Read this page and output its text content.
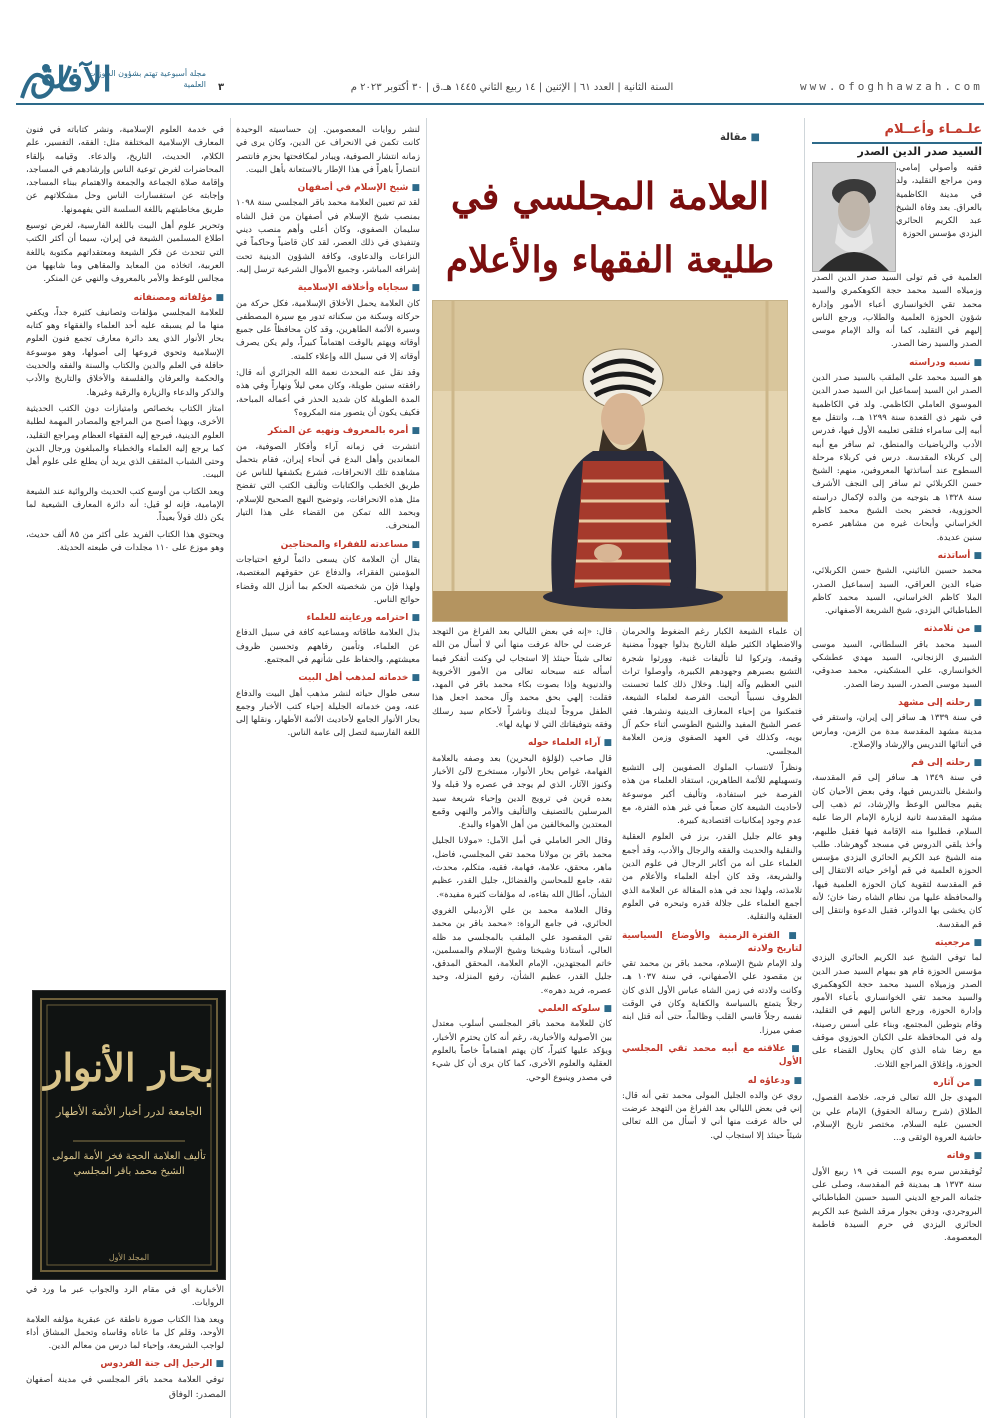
الآفاق
مجلة أسبوعية تهتم بشؤون الحوزات العلمية ٣	السنة الثانية | العدد ٦١ | الإثنين | ١٤ ربيع الثاني ١٤٤٥ هـ.ق | ٣٠ أكتوبر ٢٠٢٣ م	www.ofoghhawzah.com
علـمـاء وأعــلام
السيد صدر الدين الصدر

فقيه وأصولي إمامي، ومن مراجع التقليد، ولد في مدينة الكاظمية بالعراق. بعد وفاة الشيخ عبد الكريم الحائري اليزدي مؤسس الحوزة

العلمية في قم تولى السيد صدر الدين الصدر وزميلاه السيد محمد حجة الكوهكمري والسيد محمد تقي الخوانساري أعباء الأمور وإدارة شؤون الحوزة العلمية والطلاب، ورجع الناس إليهم في التقليد، كما أنه والد الإمام موسى الصدر والسيد رضا الصدر.

■ نسبه ودراسته

هو السيد محمد علي الملقب بالسيد صدر الدين الصدر ابن السيد إسماعيل ابن السيد صدر الدين الموسوي العاملي الكاظمي. ولد في الكاظمية في شهر ذي القعدة سنة ١٢٩٩ هـ.، وانتقل مع أبيه إلى سامراء فتلقى تعليمه الأول فيها، فدرس الأدب والرياضيات والمنطق، ثم سافر مع أبيه إلى كربلاء المقدسة. درس في كربلاء مرحلة السطوح عند أساتذتها المعروفين، منهم: الشيخ حسن الكربلائي ثم سافر إلى النجف الأشرف سنة ١٣٢٨ هـ بتوجيه من والده لإكمال دراسته الحوزوية، فحضر بحث الشيخ محمد كاظم الخراساني وأبحاث غيره من مشاهير عصره سنين عديدة.

■ أساتذته

محمد حسين النائيني، الشيخ حسن الكربلائي، ضياء الدين العراقي، السيد إسماعيل الصدر، الملا كاظم الخراساني، السيد محمد كاظم الطباطبائي اليزدي، شيخ الشريعة الأصفهاني.

■ من تلامذته

السيد محمد باقر السلطاني، السيد موسى الشبيري الزنجاني، السيد مهدي عطشكي الخوانساري، علي المشكيني، محمد صدوقي، السيد موسى الصدر، السيد رضا الصدر.

■ رحلته إلى مشهد

في سنة ١٣٣٩ هـ سافر إلى إيران، واستقر في مدينة مشهد المقدسة مدة من الزمن، ومارس في أثنائها التدريس والإرشاد والإصلاح.

■ رحلته إلى قم

في سنة ١٣٤٩ هـ سافر إلى قم المقدسة، وانشغل بالتدريس فيها، وفي بعض الأحيان كان يقيم مجالس الوعظ والإرشاد، ثم ذهب إلى مشهد المقدسة ثانية لزيارة الإمام الرضا عليه السلام، فطلبوا منه الإقامة فيها فقبل طلبهم، وأخذ يلقي الدروس في مسجد گوهرشاد. طلب منه الشيخ عبد الكريم الحائري اليزدي مؤسس الحوزة العلمية في قم أواخر حياته الانتقال إلى قم المقدسة لتقوية كيان الحوزة العلمية فيها، والمحافظة عليها من نظام الشاه رضا خان؛ لأنه كان يخشى بها الدوائر، فقبل الدعوة وانتقل إلى قم المقدسة.

■ مرجعيته

لما توفي الشيخ عبد الكريم الحائري اليزدي مؤسس الحوزة قام هو بمهام السيد صدر الدين الصدر وزميلاه السيد محمد حجة الكوهكمري والسيد محمد تقي الخوانساري بأعباء الأمور وإدارة الحوزة، ورجع الناس إليهم في التقليد، وقام بتوطين المجتمع، وبناء على أسس رصينة، وله في المحافظة على الكيان الحوزوي موقف مع رضا شاه الذي كان يحاول القضاء على الحوزة، وإغلاق المراجع الثلاث.

■ من آثاره

المهدي جل الله تعالى فرجه، خلاصة الفصول، الطلاق (شرح رسالة الحقوق) الإمام علي بن الحسين عليه السلام، مختصر تاريخ الإسلام، حاشية العروة الوثقى و...

■ وفاته

تُوفيقدس سره يوم السبت في ١٩ ربيع الأول سنة ١٣٧٣ هـ بمدينة قم المقدسة، وصلى على جثمانه المرجع الديني السيد حسين الطباطبائي البروجردي، ودفن بجوار مرقد الشيخ عبد الكريم الحائري اليزدي في حرم السيدة فاطمة المعصومة.

■ مقالة
العلامة المجلسي في
طليعة الفقهاء والأعلام

إن علماء الشيعة الكبار رغم الضغوط والحرمان والاضطهاد الكثير طيلة التاريخ بذلوا جهوداً مضنية وقيمة، وتركوا لنا تأليفات غنية، وورثوا شجرة التشيع بصبرهم وجهودهم الكبيرة، وأوصلوا تراث النبي العظيم وآله إلينا. وخلال ذلك كلما تحسنت الظروف نسبياً أتيحت الفرصة لعلماء الشيعة، فتمكنوا من إحياء المعارف الدينية ونشرها. ففي عصر الشيخ المفيد والشيخ الطوسي أثناء حكم آل بويه، وكذلك في العهد الصفوي وزمن العلامة المجلسي.

ونظراً لانتساب الملوك الصفويين إلى التشيع وتسهيلهم للأئمة الطاهرين، استفاد العلماء من هذه الفرصة خير استفادة، وتأليف أكبر موسوعة لأحاديث الشيعة كان صعباً في غير هذه الفترة، مع عدم وجود إمكانيات اقتصادية كبيرة.

وهو عالم جليل القدر، برز في العلوم العقلية والنقلية والحديث والفقه والرجال والأدب، وقد أجمع العلماء على أنه من أكابر الرجال في علوم الدين والشريعة، وقد كان أجلة العلماء والأعلام من تلامذته، ولهذا نجد في هذه المقالة عن العلامة الذي أجمع العلماء على جلالة قدره وتبحره في العلوم العقلية والنقلية.

■ الفترة الزمنية والأوضاع السياسية لتاريخ ولادته

ولد الإمام شيخ الإسلام، محمد باقر بن محمد تقي بن مقصود علي الأصفهاني، في سنة ١٠٣٧ هـ، وكانت ولادته في زمن الشاه عباس الأول الذي كان رجلاً يتمتع بالسياسة والكفاية وكان في الوقت نفسه رجلاً قاسي القلب وظالماً، حتى أنه قتل ابنه صفي ميرزا.

■ علاقته مع أبيه محمد تقي المجلسي الأول
■ ودعاؤه له

روي عن والده الجليل المولى محمد تقي أنه قال: إني في بعض الليالي بعد الفراغ من التهجد عرضت لي حالة عرفت منها أني لا أسأل من الله تعالى شيئاً حينئذ إلا استجاب لي.

قال: «إنه في بعض الليالي بعد الفراغ من التهجد عرضت لي حالة عرفت منها أني لا أسأل من الله تعالى شيئاً حينئذ إلا استجاب لي وكنت أتفكر فيما أسأله عنه سبحانه تعالى من الأمور الأخروية والدنيوية وإذا بصوت بكاء محمد باقر في المهد، فقلت: إلهي بحق محمد وآل محمد اجعل هذا الطفل مروجاً لدينك وناشراً لأحكام سيد رسلك وفقه بتوفيقاتك التي لا نهاية لها».

■ آراء العلماء حوله

قال صاحب (لؤلؤة البحرين) بعد وصفه بالعلامة الفهامة، غواص بحار الأنوار، مستخرج لآلئ الأخبار وكنوز الآثار، الذي لم يوجد في عصره ولا قبله ولا بعده قرين في ترويج الدين وإحياء شريعة سيد المرسلين بالتصنيف والتأليف والأمر والنهي وقمع المعتدين والمخالفين من أهل الأهواء والبدع.

وقال الحر العاملي في أمل الآمل: «مولانا الجليل محمد باقر بن مولانا محمد تقي المجلسي، فاضل، ماهر، محقق، علامة، فهامة، فقيه، متكلم، محدث، ثقة، جامع للمحاسن والفضائل، جليل القدر، عظيم الشأن، أطال الله بقاءه، له مؤلفات كثيرة مفيدة».

وقال العلامة محمد بن علي الأردبيلي الغروي الحائري، في جامع الرواة: «محمد باقر بن محمد تقي المقصود علي الملقب بالمجلسي مد ظله العالي، أستاذنا وشيخنا وشيخ الإسلام والمسلمين، خاتم المجتهدين، الإمام العلامة، المحقق المدقق، جليل القدر، عظيم الشأن، رفيع المنزلة، وحيد عصره، فريد دهره».

■ سلوكه العلمي

كان للعلامة محمد باقر المجلسي أسلوب معتدل بين الأصولية والأخبارية، رغم أنه كان يحترم الأخبار، ويؤكد عليها كثيراً، كان يهتم اهتماماً خاصاً بالعلوم العقلية والعلوم الأخرى، كما كان يرى أن كل شيء في مصدر وينبوع الوحي.

لنشر روايات المعصومين. إن حساسيته الوحيدة كانت تكمن في الانحراف عن الدين، وكان يرى في زمانه انتشار الصوفية، ويبادر لمكافحتها بحزم فانتصر انتصاراً باهراً في هذا الإطار بالاستعانة بأهل البيت.

■ شيخ الإسلام في أصفهان

لقد تم تعيين العلامة محمد باقر المجلسي سنة ١٠٩٨ بمنصب شيخ الإسلام في أصفهان من قبل الشاه سليمان الصفوي، وكان أعلى وأهم منصب ديني وتنفيذي في ذلك العصر، لقد كان قاضياً وحاكماً في النزاعات والدعاوى، وكافة الشؤون الدينية تحت إشرافه المباشر، وجميع الأموال الشرعية ترسل إليه.

■ سجاياه وأخلاقه الإسلامية

كان العلامة يحمل الأخلاق الإسلامية، فكل حركة من حركاته وسكنة من سكناته تدور مع سيرة المصطفى وسيرة الأئمة الطاهرين، وقد كان محافظاً على جميع أوقاته ويهتم بالوقت اهتماماً كبيراً، ولم يكن يصرف أوقاته إلا في سبيل الله وإعلاء كلمته.

وقد نقل عنه المحدث نعمة الله الجزائري أنه قال: رافقته سنين طويلة، وكان معي ليلاً ونهاراً وفي هذه المدة الطويلة كان شديد الحذر في أعماله المباحة، فكيف يكون أن يتصور منه المكروه؟

■ أمره بالمعروف ونهيه عن المنكر

انتشرت في زمانه آراء وأفكار الصوفية، من المعاندين وأهل البدع في أنحاء إيران، فقام بتحمل مشاهدة تلك الانحرافات، فشرع بكشفها للناس عن طريق الخطب والكتابات وتأليف الكتب التي تفضح مثل هذه الانحرافات، وتوضيح النهج الصحيح للإسلام، وبحمد الله تمكن من القضاء على هذا التيار المنحرف.

■ مساعدته للفقراء والمحتاجين

يقال أن العلامة كان يسعى دائماً لرفع احتياجات المؤمنين الفقراء، والدفاع عن حقوقهم المغتصبة، ولهذا فإن من شخصيته الحكم بما أنزل الله وقضاء حوائج الناس.

■ احترامه ورعايته للعلماء

بذل العلامة طاقاته ومساعيه كافة في سبيل الدفاع عن العلماء، وتأمين رفاههم وتحسين ظروف معيشتهم، والحفاظ على شأنهم في المجتمع.

■ خدماته لمذهب أهل البيت

سعى طوال حياته لنشر مذهب أهل البيت والدفاع عنه، ومن خدماته الجليلة إحياء كتب الأخبار وجمع بحار الأنوار الجامع لأحاديث الأئمة الأطهار، ونقلها إلى اللغة الفارسية لتصل إلى عامة الناس.

في خدمة العلوم الإسلامية، ونشر كتاباته في فنون المعارف الإسلامية المختلفة مثل: الفقه، التفسير، علم الكلام، الحديث، التاريخ، والدعاء. وقيامه بإلقاء المحاضرات لغرض توعية الناس وإرشادهم في المساجد، وإقامة صلاة الجماعة والجمعة والاهتمام ببناء المساجد، وإجابته عن استفسارات الناس وحل مشكلاتهم عن طريق مخاطبتهم باللغة السلسة التي يفهمونها.

وتحرير علوم أهل البيت باللغة الفارسية، لغرض توسيع اطلاع المسلمين الشيعة في إيران، سيما أن أكثر الكتب التي تتحدث عن فكر الشيعة ومعتقداتهم مكتوبة باللغة العربية، اتخاذه من المعابد والمقاهي وما شابهها من مجالس للوعظ والأمر بالمعروف والنهي عن المنكر.

■ مؤلفاته ومصنفاته

للعلامة المجلسي مؤلفات وتصانيف كثيرة جداً، ويكفي منها ما لم يسبقه عليه أحد العلماء والفقهاء وهو كتابه بحار الأنوار الذي يعد دائرة معارف تجمع فنون العلوم الإسلامية وتحوي فروعها إلى أصولها، وهو موسوعة حافلة في العلم والدين والكتاب والسنة والفقه والحديث والحكمة والعرفان والفلسفة والأخلاق والتاريخ والأدب والذكر والدعاء والزيارة والرقية وغيرها.

امتاز الكتاب بخصائص وامتيازات دون الكتب الحديثية الأخرى، وبهذا أصبح من المراجع والمصادر المهمة لطلبة العلوم الدينية، فيرجع إليه الفقهاء العظام ومراجع التقليد، كما يرجع إليه العلماء والخطباء والمبلغون ورجال الدين وحتى الشباب المثقف الذي يريد أن يطلع على علوم أهل البيت.

ويعد الكتاب من أوسع كتب الحديث والروائية عند الشيعة الإمامية، فإنه لو قيل: أنه دائرة المعارف الشيعية لما يكن ذلك قولاً بعيداً.

ويحتوي هذا الكتاب الفريد على أكثر من ٨٥ ألف حديث، وهو موزع على ١١٠ مجلدات في طبعته الحديثة.

بحار الأنوار
الجامعة لدرر أخبار الأئمة الأطهار
تأليف العلامة الحجة فخر الأمة المولى الشيخ محمد باقر المجلسي
المجلد الأول

الأخبارية أي في مقام الرد والجواب عبر ما ورد في الروايات.

ويعد هذا الكتاب صورة ناطقة عن عبقرية مؤلفه العلامة الأوحد، وقلم كل ما عاناه وقاساه وتحمل المشاق أداء لواجب الشريعة، وإحياء لما درس من معالم الدين.

■ الرحيل إلى جنة الفردوس

توفي العلامة محمد باقر المجلسي في مدينة أصفهان

المصدر: الوفاق
